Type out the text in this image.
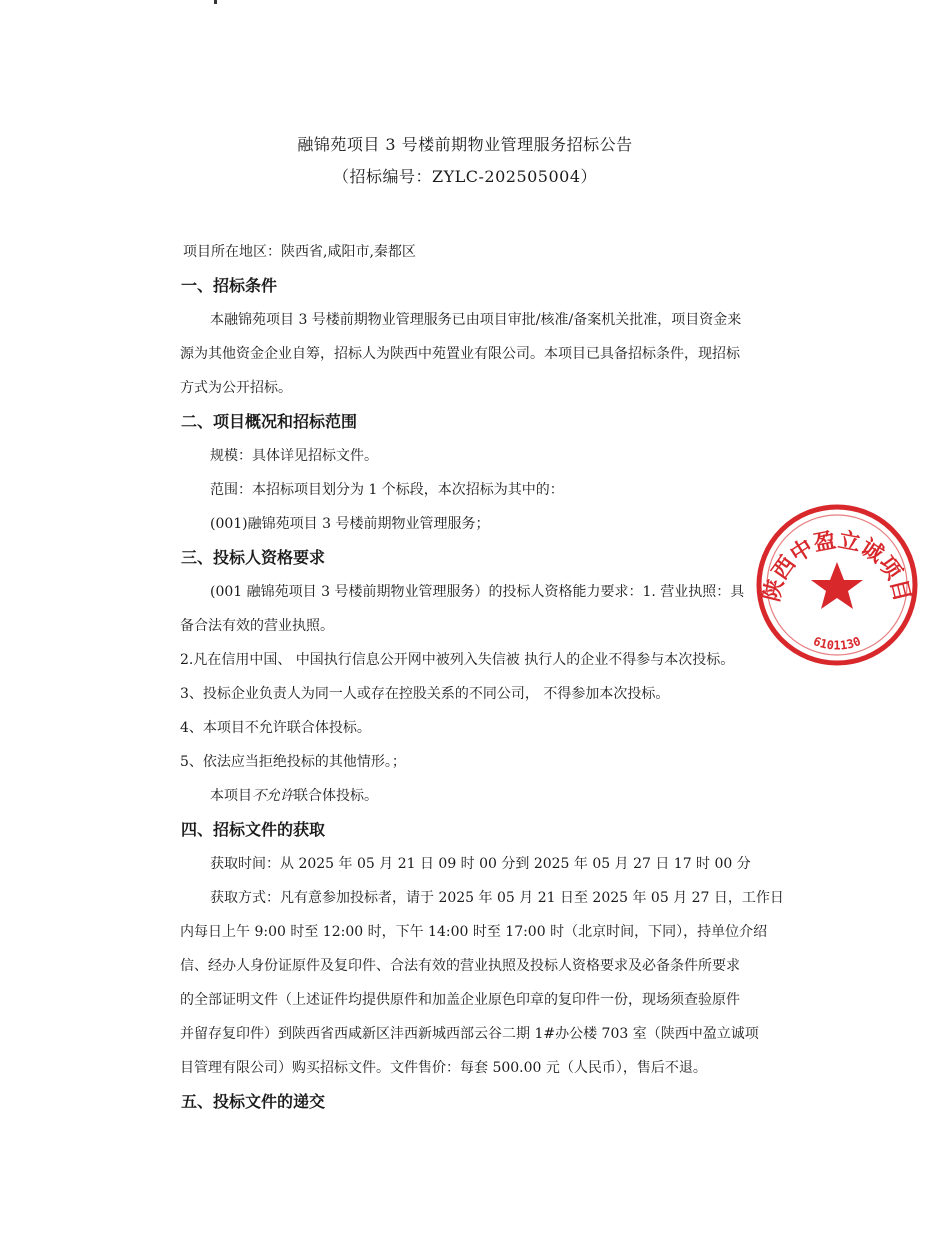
融锦苑项目 3 号楼前期物业管理服务招标公告
（招标编号：ZYLC-202505004）
项目所在地区：陕西省,咸阳市,秦都区
一、招标条件
本融锦苑项目 3 号楼前期物业管理服务已由项目审批/核准/备案机关批准，项目资金来
源为其他资金企业自筹，招标人为陕西中苑置业有限公司。本项目已具备招标条件，现招标
方式为公开招标。
二、项目概况和招标范围
规模：具体详见招标文件。
范围：本招标项目划分为 1 个标段，本次招标为其中的：
(001)融锦苑项目 3 号楼前期物业管理服务；
三、投标人资格要求
(001 融锦苑项目 3 号楼前期物业管理服务）的投标人资格能力要求：1. 营业执照：具
备合法有效的营业执照。
2.凡在信用中国、 中国执行信息公开网中被列入失信被 执行人的企业不得参与本次投标。
3、投标企业负责人为同一人或存在控股关系的不同公司， 不得参加本次投标。
4、本项目不允许联合体投标。
5、依法应当拒绝投标的其他情形。；
本项目不允许联合体投标。
四、招标文件的获取
获取时间：从 2025 年 05 月 21 日 09 时 00 分到 2025 年 05 月 27 日 17 时 00 分
获取方式：凡有意参加投标者，请于 2025 年 05 月 21 日至 2025 年 05 月 27 日，工作日
内每日上午 9:00 时至 12:00 时，下午 14:00 时至 17:00 时（北京时间，下同），持单位介绍
信、经办人身份证原件及复印件、合法有效的营业执照及投标人资格要求及必备条件所要求
的全部证明文件（上述证件均提供原件和加盖企业原色印章的复印件一份，现场须查验原件
并留存复印件）到陕西省西咸新区沣西新城西部云谷二期 1#办公楼 703 室（陕西中盈立诚项
目管理有限公司）购买招标文件。文件售价：每套 500.00 元（人民币），售后不退。
五、投标文件的递交
陕西中盈立诚项目
6101130
